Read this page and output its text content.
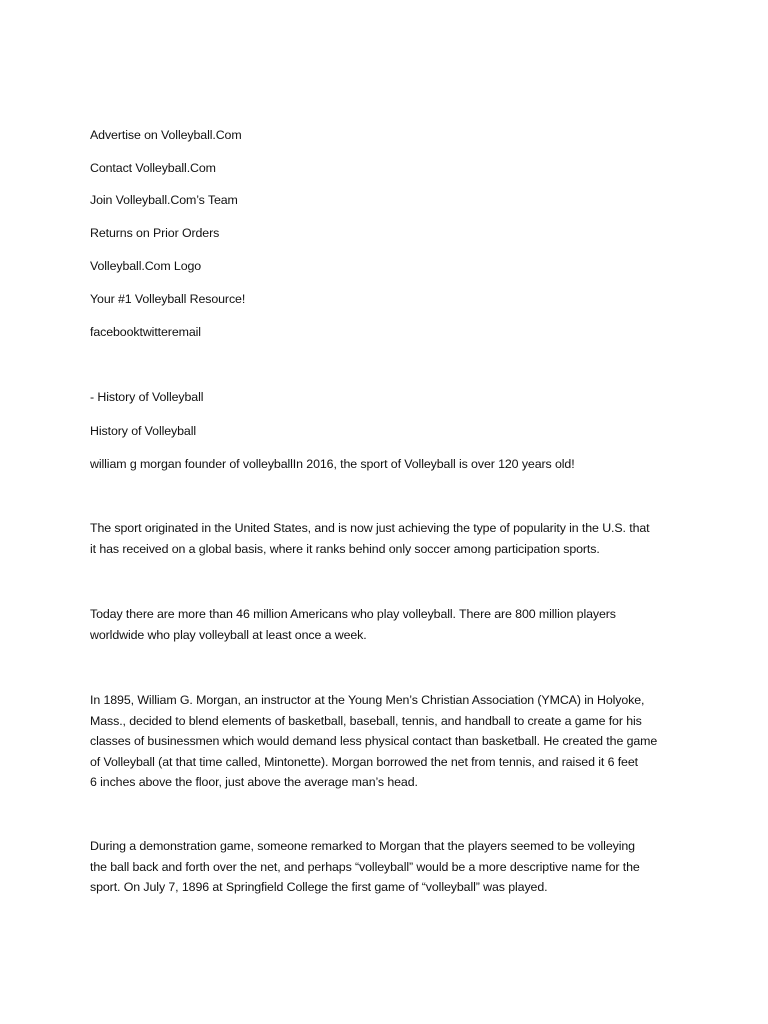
Advertise on Volleyball.Com
Contact Volleyball.Com
Join Volleyball.Com’s Team
Returns on Prior Orders
Volleyball.Com Logo
Your #1 Volleyball Resource!
facebooktwitteremail
- History of Volleyball
History of Volleyball
william g morgan founder of volleyballIn 2016, the sport of Volleyball is over 120 years old!
The sport originated in the United States, and is now just achieving the type of popularity in the U.S. that
it has received on a global basis, where it ranks behind only soccer among participation sports.
Today there are more than 46 million Americans who play volleyball. There are 800 million players
worldwide who play volleyball at least once a week.
In 1895, William G. Morgan, an instructor at the Young Men’s Christian Association (YMCA) in Holyoke,
Mass., decided to blend elements of basketball, baseball, tennis, and handball to create a game for his
classes of businessmen which would demand less physical contact than basketball. He created the game
of Volleyball (at that time called, Mintonette). Morgan borrowed the net from tennis, and raised it 6 feet
6 inches above the floor, just above the average man’s head.
During a demonstration game, someone remarked to Morgan that the players seemed to be volleying
the ball back and forth over the net, and perhaps “volleyball” would be a more descriptive name for the
sport. On July 7, 1896 at Springfield College the first game of “volleyball” was played.
